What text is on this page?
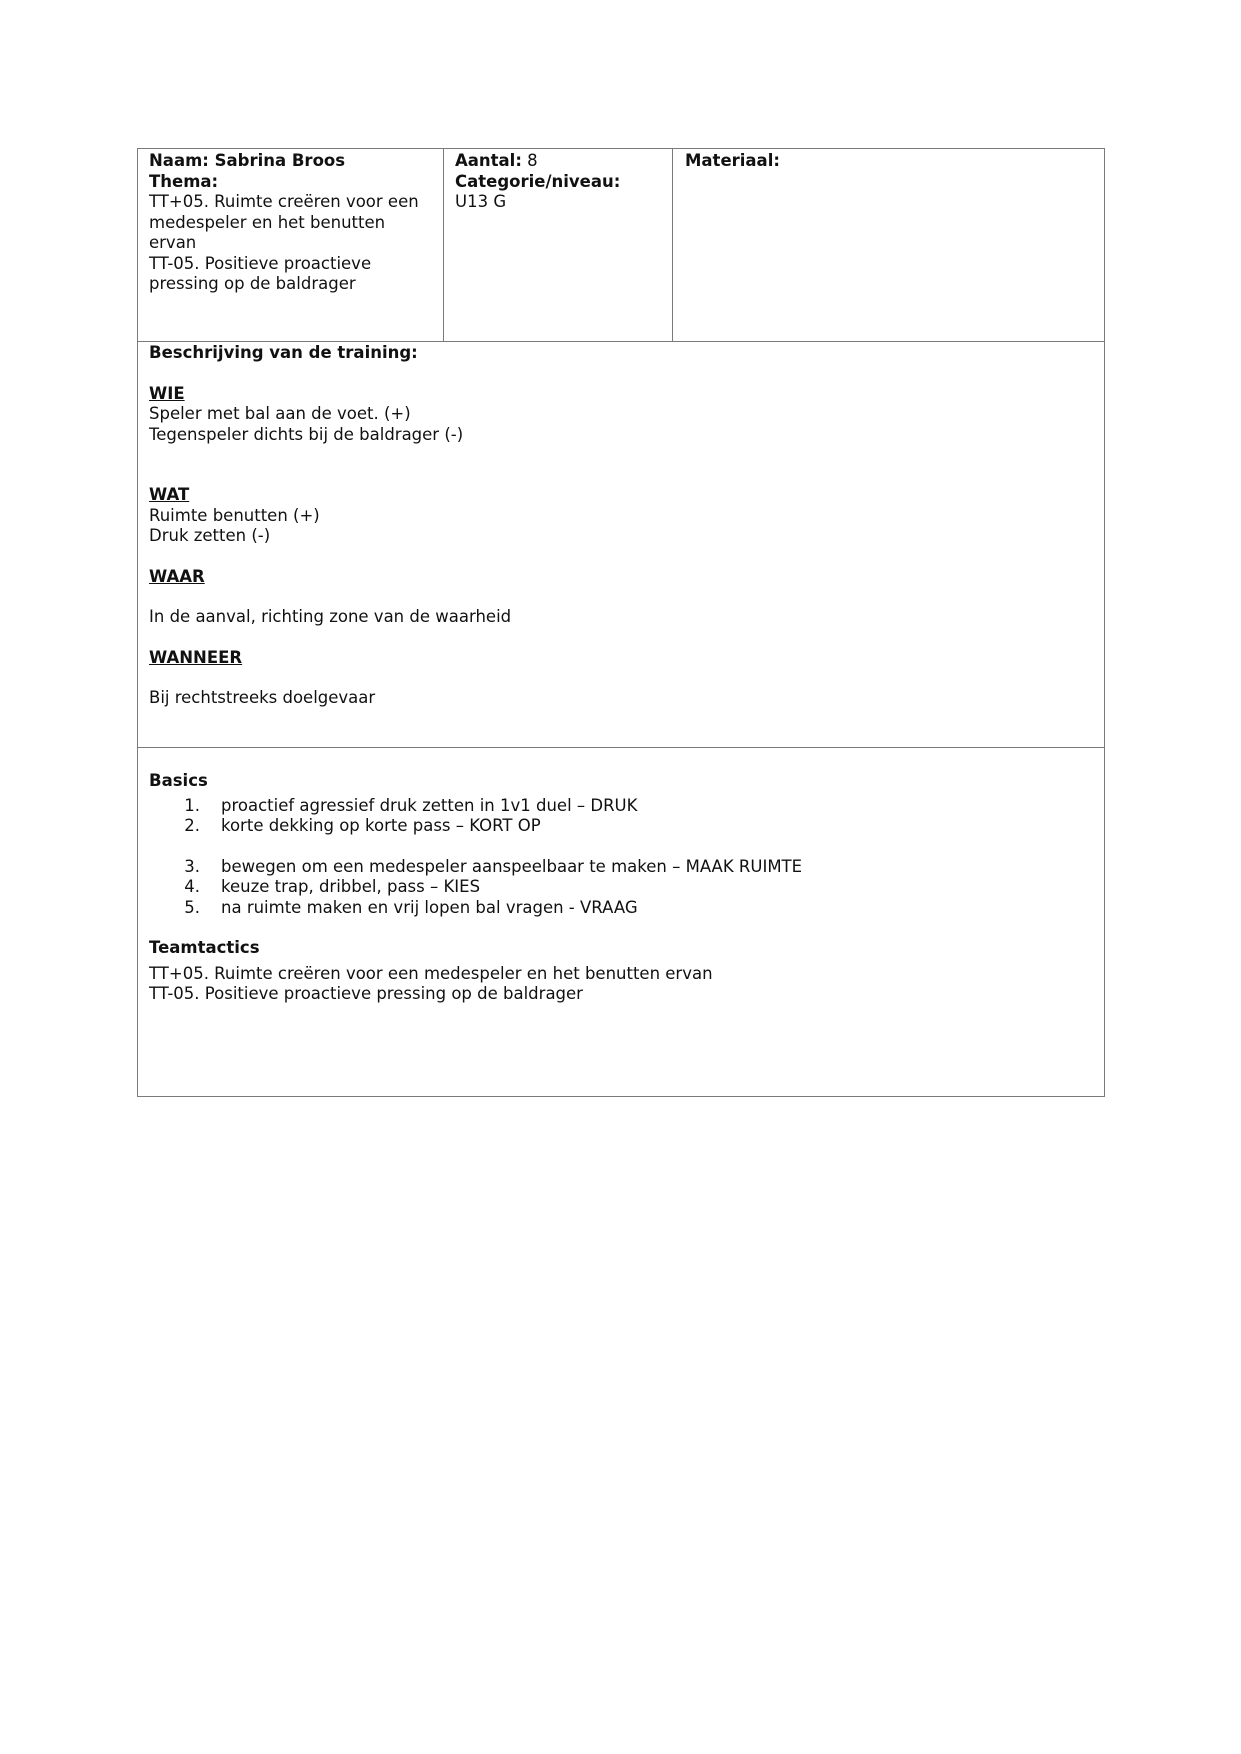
Naam: Sabrina Broos
Thema:
TT+05. Ruimte creëren voor een
medespeler en het benutten
ervan
TT-05. Positieve proactieve
pressing op de baldrager
Aantal: 8
Categorie/niveau:
U13 G
Materiaal:
Beschrijving van de training:
WIE
Speler met bal aan de voet. (+)
Tegenspeler dichts bij de baldrager (-)
WAT
Ruimte benutten (+)
Druk zetten (-)
WAAR
In de aanval, richting zone van de waarheid
WANNEER
Bij rechtstreeks doelgevaar
Basics
1. proactief agressief druk zetten in 1v1 duel – DRUK
2. korte dekking op korte pass – KORT OP
3. bewegen om een medespeler aanspeelbaar te maken – MAAK RUIMTE
4. keuze trap, dribbel, pass – KIES
5. na ruimte maken en vrij lopen bal vragen - VRAAG
Teamtactics
TT+05. Ruimte creëren voor een medespeler en het benutten ervan
TT-05. Positieve proactieve pressing op de baldrager
